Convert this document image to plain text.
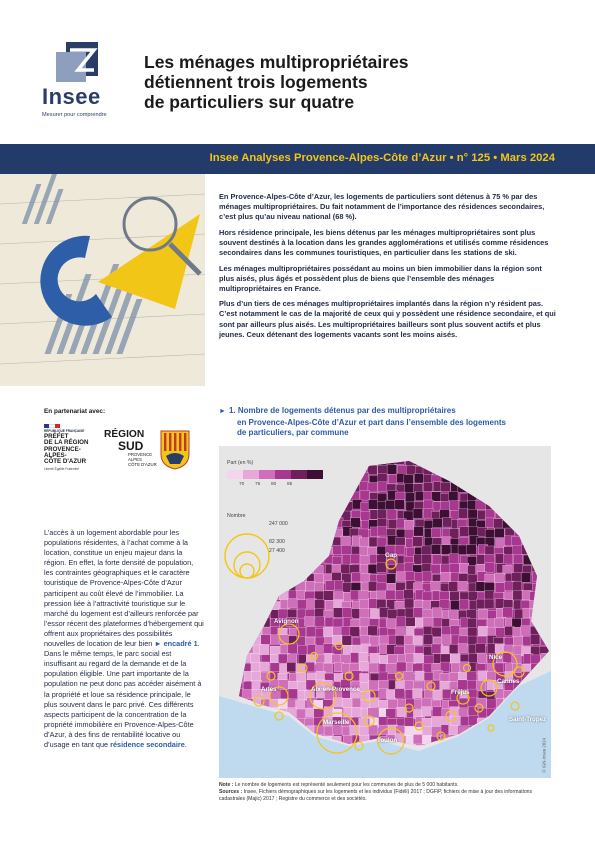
Insee
Mesurer pour comprendre
Les ménages multipropriétaires
détiennent trois logements
de particuliers sur quatre
Insee Analyses Provence-Alpes-Côte d’Azur • n° 125 • Mars 2024

En Provence-Alpes-Côte d’Azur, les logements de particuliers sont détenus à 75 % par des ménages multipropriétaires. Du fait notamment de l’importance des résidences secondaires, c’est plus qu’au niveau national (68 %).

Hors résidence principale, les biens détenus par les ménages multipropriétaires sont plus souvent destinés à la location dans les grandes agglomérations et utilisés comme résidences secondaires dans les communes touristiques, en particulier dans les stations de ski.

Les ménages multipropriétaires possédant au moins un bien immobilier dans la région sont plus aisés, plus âgés et possèdent plus de biens que l’ensemble des ménages multipropriétaires en France.

Plus d’un tiers de ces ménages multipropriétaires implantés dans la région n’y résident pas. C’est notamment le cas de la majorité de ceux qui y possèdent une résidence secondaire, et qui sont par ailleurs plus aisés. Les multipropriétaires bailleurs sont plus souvent actifs et plus jeunes. Ceux détenant des logements vacants sont les moins aisés.

En partenariat avec:
RÉPUBLIQUE FRANÇAISE
PRÉFET
DE LA RÉGION
PROVENCE-ALPES-
CÔTE D'AZUR
Liberté Égalité Fraternité
RÉGION
SUD
PROVENCE
ALPES
CÔTE D'AZUR
L’accès à un logement abordable pour les populations résidentes, à l’achat comme à la location, constitue un enjeu majeur dans la région. En effet, la forte densité de population, les contraintes géographiques et le caractère touristique de Provence-Alpes-Côte d’Azur participent au coût élevé de l’immobilier. La pression liée à l’attractivité touristique sur le marché du logement est d’ailleurs renforcée par l’essor récent des plateformes d’hébergement qui offrent aux propriétaires des possibilités nouvelles de location de leur bien ► encadré 1. Dans le même temps, le parc social est insuffisant au regard de la demande et de la population éligible. Une part importante de la population ne peut donc pas accéder aisément à la propriété et loue sa résidence principale, le plus souvent dans le parc privé. Ces différents aspects participent de la concentration de la propriété immobilière en Provence-Alpes-Côte d’Azur, à des fins de rentabilité locative ou d’usage en tant que résidence secondaire.
► 1. Nombre de logements détenus par des multipropriétaires
en Provence-Alpes-Côte d’Azur et part dans l’ensemble des logements
de particuliers, par commune
Part (en %)
70 75 80 85
Nombre
247 000
82 300
27 400
Gap
Avignon
Nice
Cannes
Fréjus
Arles	Aix-en-Provence
Marseille
Toulon
Saint-Tropez
© IGN-Insee 2024
Note : Le nombre de logements est représenté seulement pour les communes de plus de 5 000 habitants.
Sources : Insee, Fichiers démographiques sur les logements et les individus (Fidéli) 2017 ; DGFiP, fichiers de mise à jour des informations cadastrales (Majic) 2017 ; Registre du commerce et des sociétés.
